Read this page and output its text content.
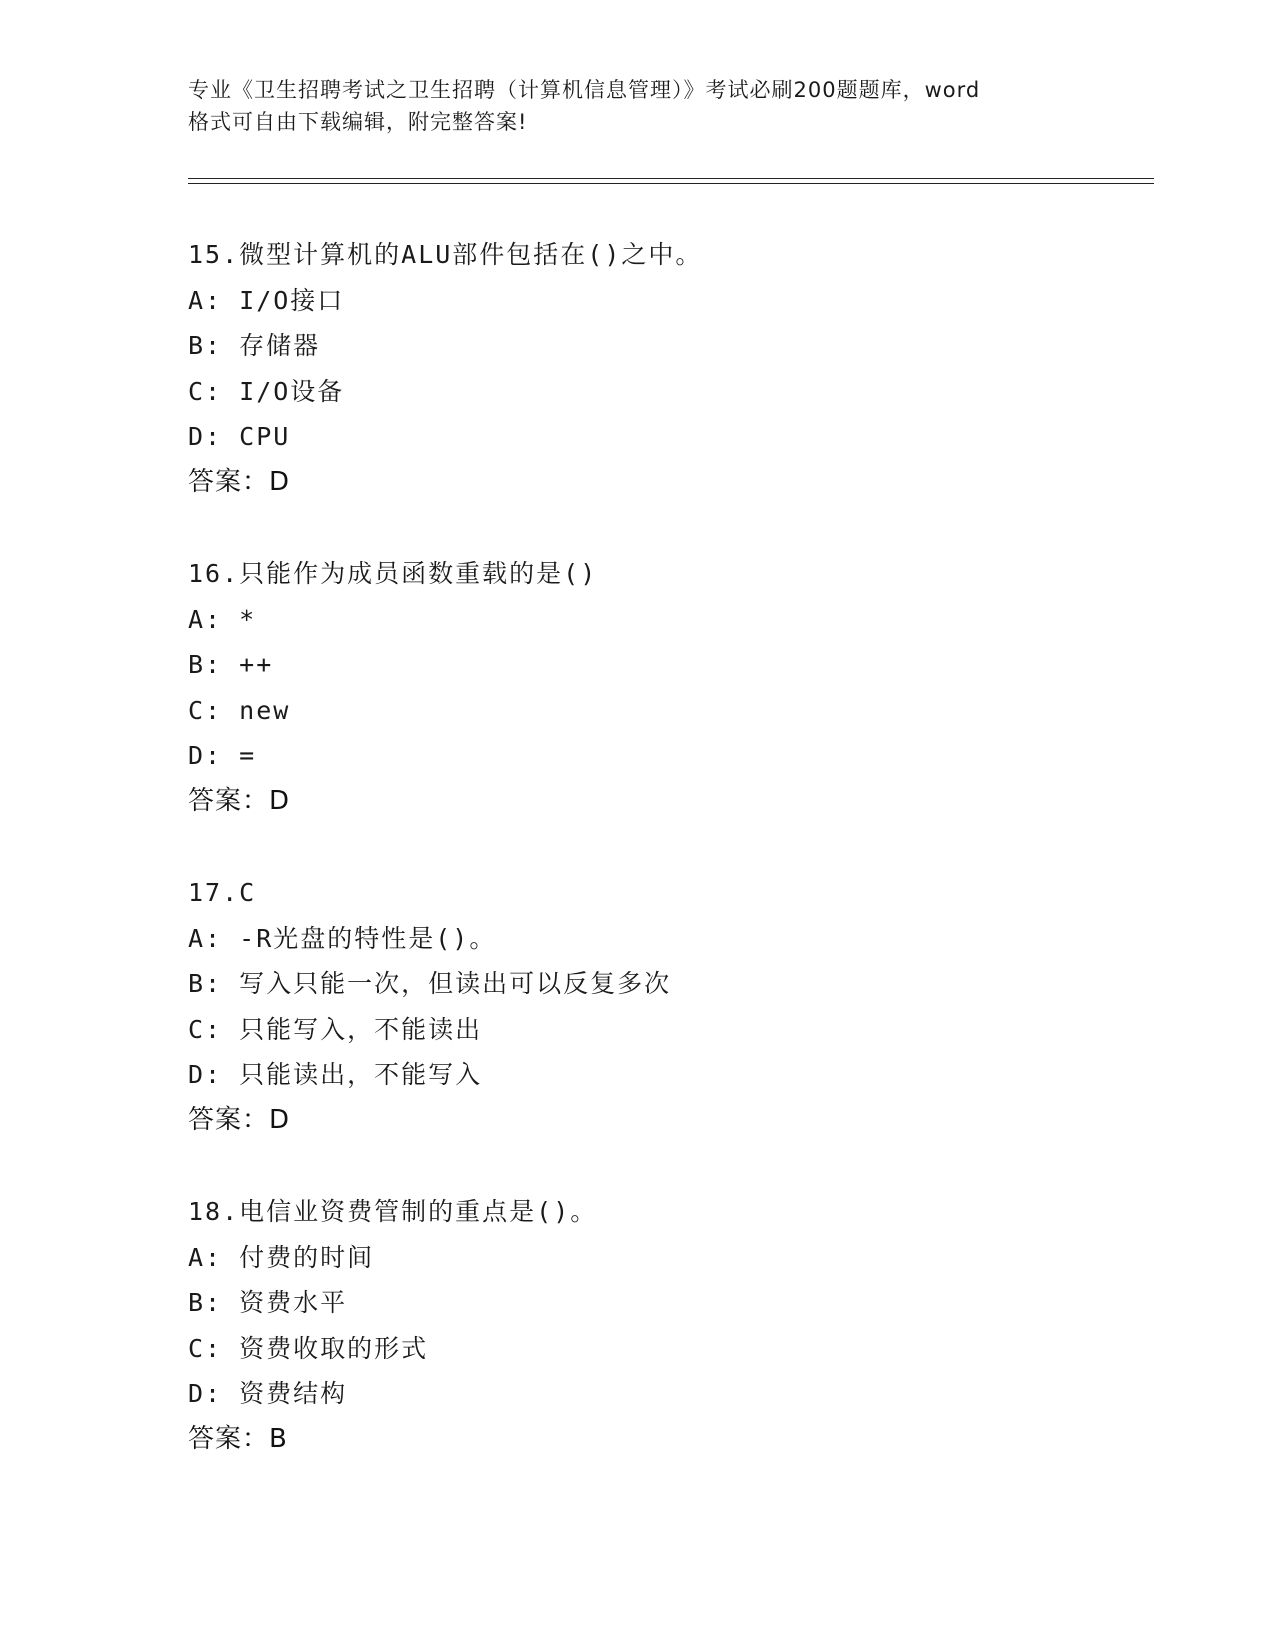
专业《卫生招聘考试之卫生招聘（计算机信息管理）》考试必刷200题题库，word
格式可自由下载编辑，附完整答案!
15.微型计算机的ALU部件包括在()之中。
A: I/O接口
B: 存储器
C: I/O设备
D: CPU
答案：D
16.只能作为成员函数重载的是()
A: *
B: ++
C: new
D: =
答案：D
17.C
A: -R光盘的特性是()。
B: 写入只能一次，但读出可以反复多次
C: 只能写入，不能读出
D: 只能读出，不能写入
答案：D
18.电信业资费管制的重点是()。
A: 付费的时间
B: 资费水平
C: 资费收取的形式
D: 资费结构
答案：B
